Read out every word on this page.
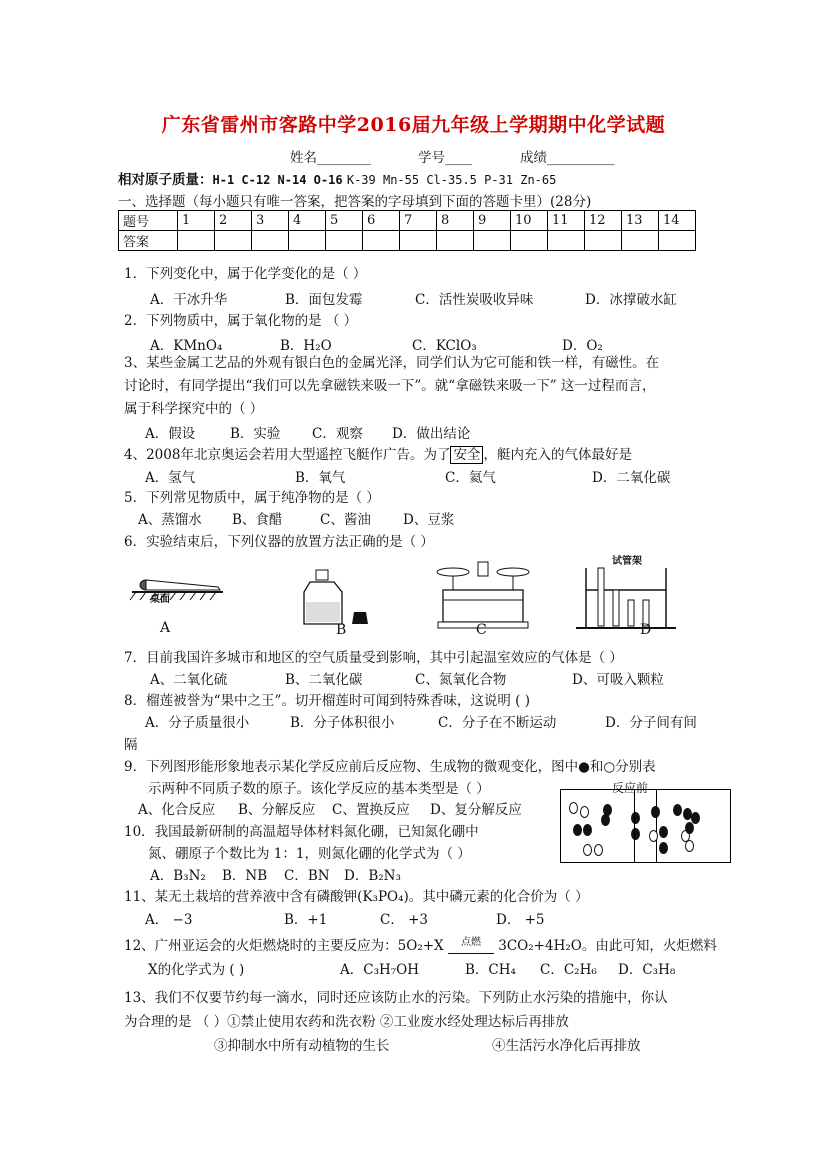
广东省雷州市客路中学2016届九年级上学期期中化学试题
姓名________	学号____	成绩__________
相对原子质量：H-1 C-12 N-14 O-16 K-39 Mn-55 Cl-35.5 P-31 Zn-65
一、选择题（每小题只有唯一答案，把答案的字母填到下面的答题卡里）(28分)
题号	1	2	3	4	5	6	7	8	9	10	11	12	13	14
答案														
1．下列变化中，属于化学变化的是（ ）
A．干冰升华	B．面包发霉	C．活性炭吸收异味	D．冰撑破水缸
2．下列物质中，属于氧化物的是 （ ）
A．KMnO₄	B．H₂O	C．KClO₃	D．O₂
3、某些金属工艺品的外观有银白色的金属光泽，同学们认为它可能和铁一样，有磁性。在
讨论时，有同学提出“我们可以先拿磁铁来吸一下”。就“拿磁铁来吸一下” 这一过程而言，
属于科学探究中的（ ）
A．假设	B．实验 C．观察 D．做出结论
4、2008年北京奥运会若用大型遥控飞艇作广告。为了 安全 ，艇内充入的气体最好是
A．氢气	B．氧气	C．氦气	D．二氧化碳
5．下列常见物质中，属于纯净物的是（ ）
A、蒸馏水 B、食醋	C、酱油 D、豆浆
6．实验结束后，下列仪器的放置方法正确的是（ ）
桌面
试管架
A	B	C	D
7．目前我国许多城市和地区的空气质量受到影响，其中引起温室效应的气体是（ ）
A、二氧化硫	B、二氧化碳	C、氮氧化合物	D、可吸入颗粒
8．榴莲被誉为“果中之王”。切开榴莲时可闻到特殊香味，这说明 ( )
A．分子质量很小	B．分子体积很小	C．分子在不断运动	D．分子间有间
隔
9．下列图形能形象地表示某化学反应前后反应物、生成物的微观变化，图中●和○分别表
示两种不同质子数的原子。该化学反应的基本类型是（ ）
A、化合反应 B、分解反应 C、置换反应 D、复分解反应
反应前
10．我国最新研制的高温超导体材料氮化硼，已知氮化硼中
氮、硼原子个数比为 1：1，则氮化硼的化学式为（ ）
A．B₃N₂ B．NB C．BN D．B₂N₃
11、某无土栽培的营养液中含有磷酸钾(K₃PO₄)。其中磷元素的化合价为（ ）
A． −3	B．+1	C． +3	D． +5
12、广州亚运会的火炬燃烧时的主要反应为：5O₂+X	点燃	3CO₂+4H₂O。由此可知，火炬燃料
X的化学式为 ( )	A．C₃H₇OH	B．CH₄ C．C₂H₆ D．C₃H₈
13、我们不仅要节约每一滴水，同时还应该防止水的污染。下列防止水污染的措施中，你认
为合理的是 （ ）①禁止使用农药和洗衣粉 ②工业废水经处理达标后再排放
③抑制水中所有动植物的生长	④生活污水净化后再排放
